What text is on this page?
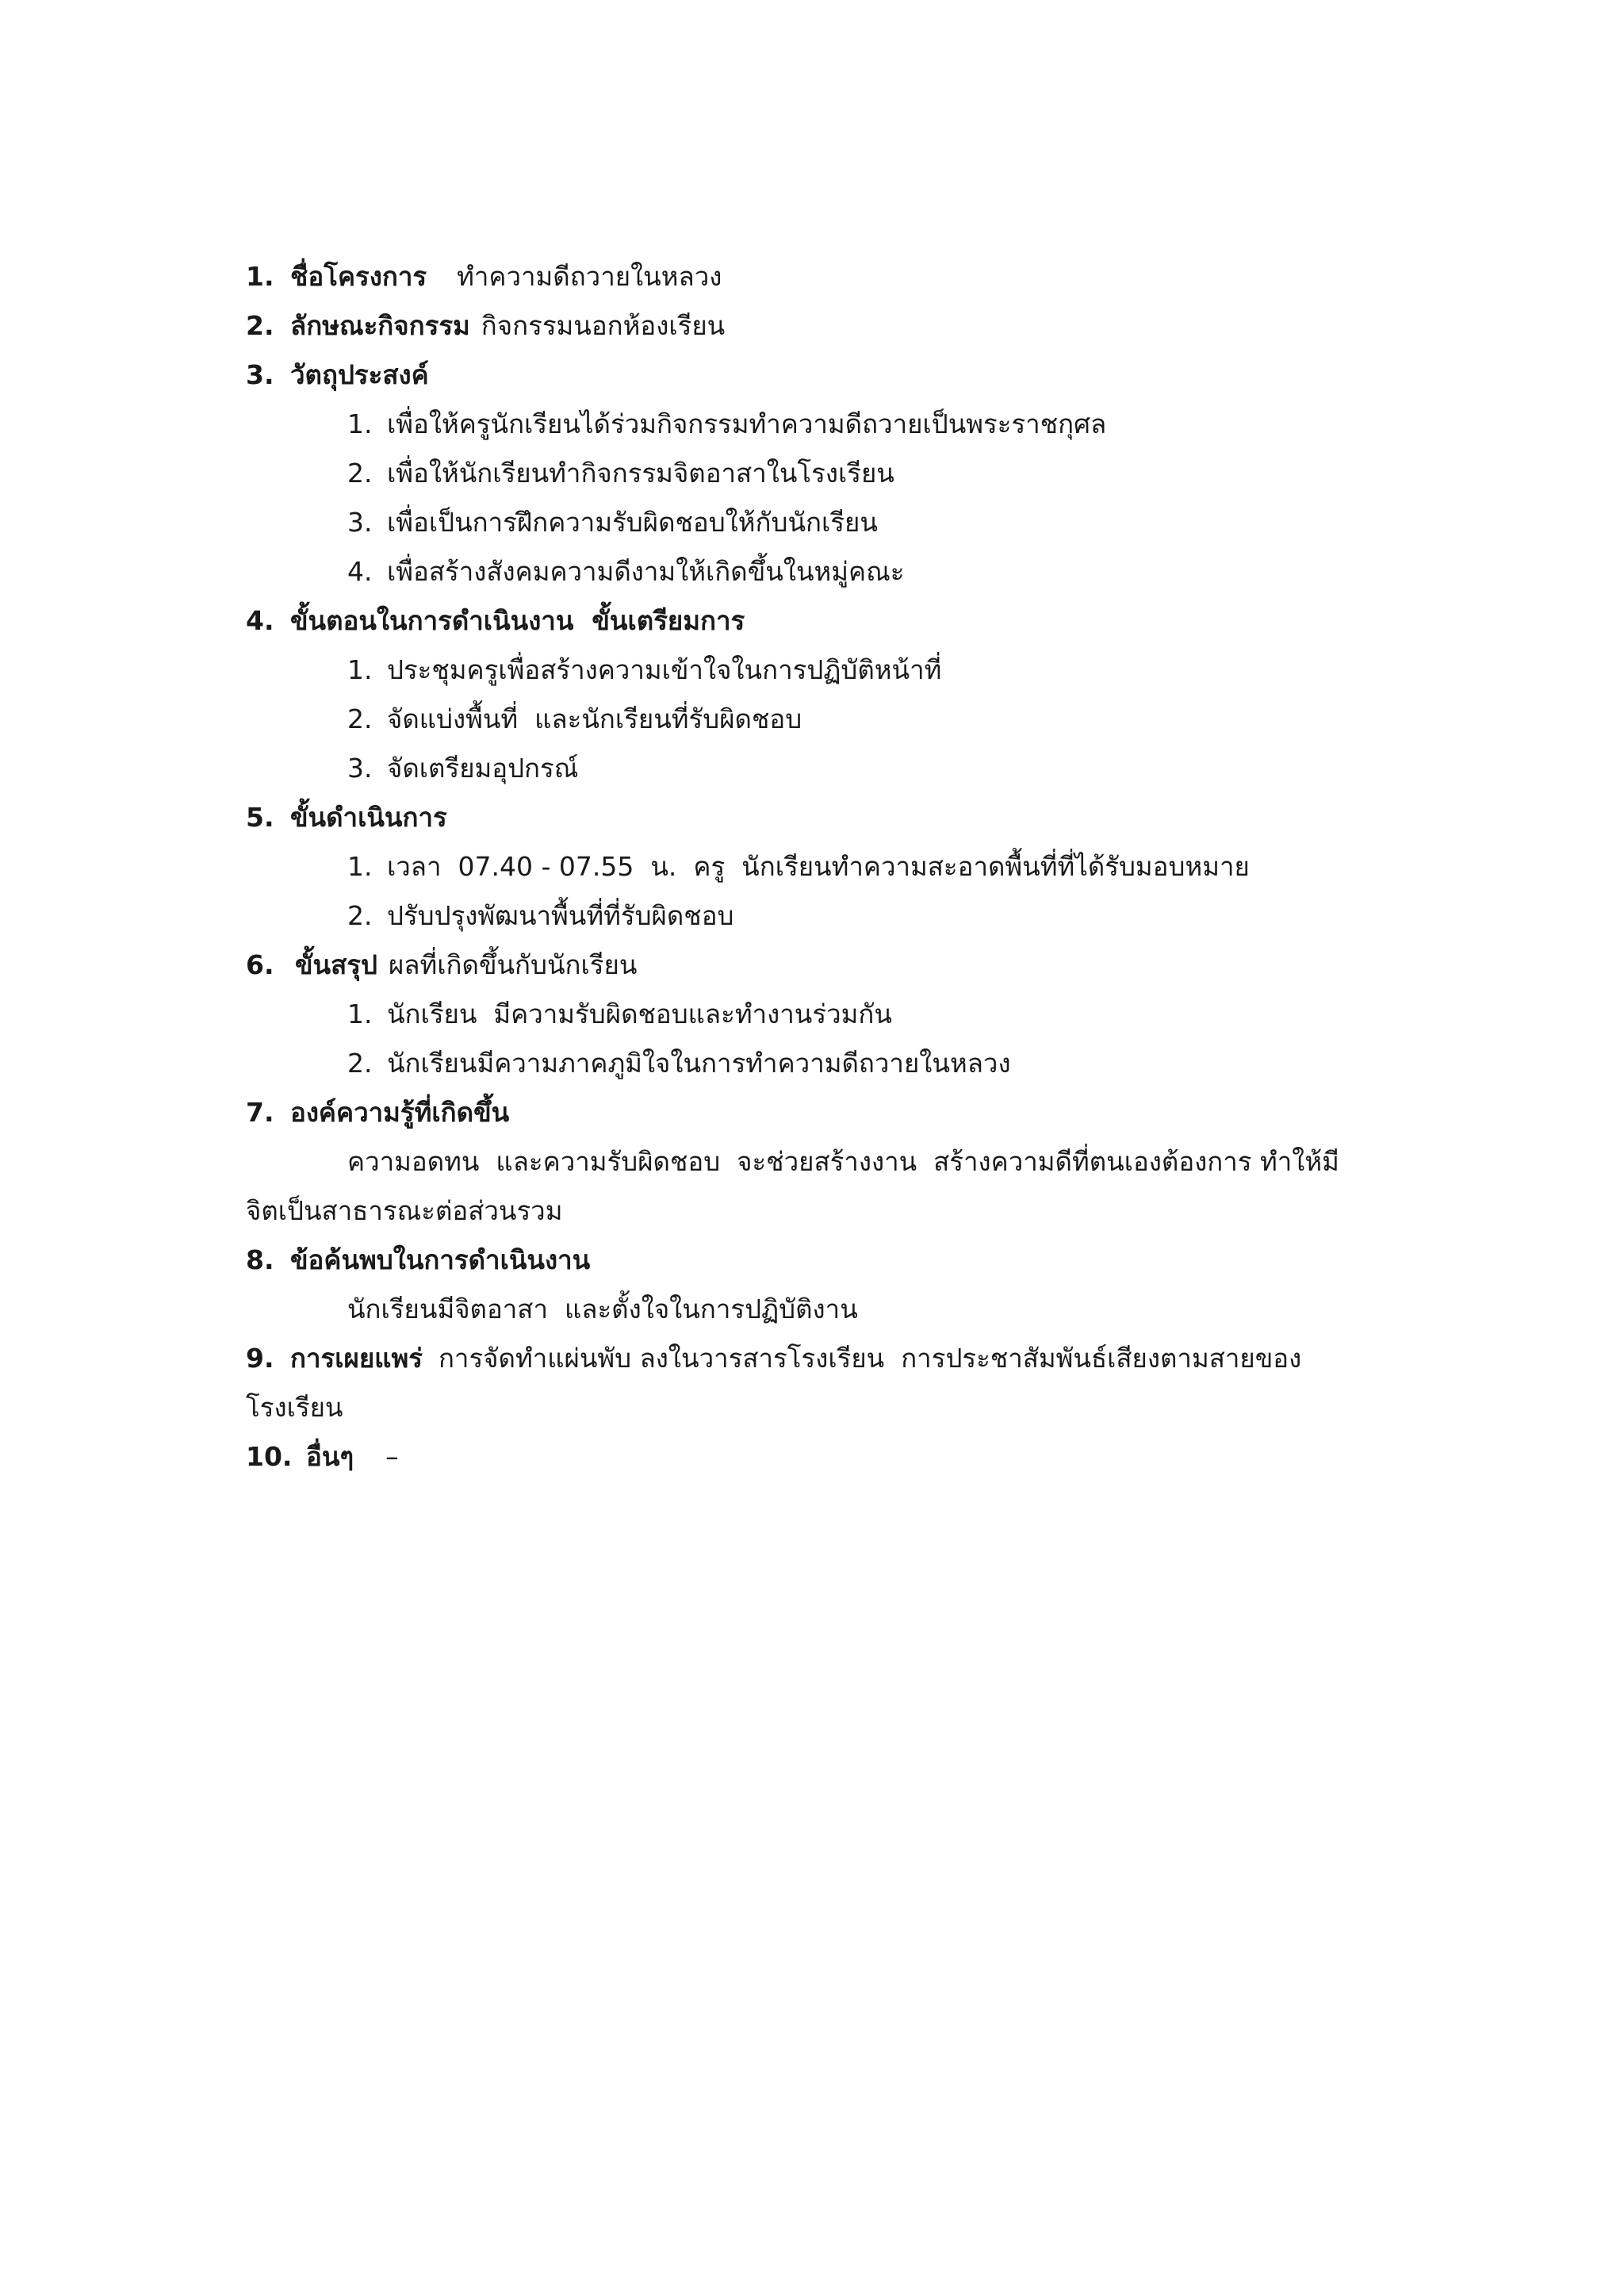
1. ชื่อโครงการ ทำความดีถวายในหลวง
2. ลักษณะกิจกรรม กิจกรรมนอกห้องเรียน
3. วัตถุประสงค์
1. เพื่อให้ครูนักเรียนได้ร่วมกิจกรรมทำความดีถวายเป็นพระราชกุศล
2. เพื่อให้นักเรียนทำกิจกรรมจิตอาสาในโรงเรียน
3. เพื่อเป็นการฝึกความรับผิดชอบให้กับนักเรียน
4. เพื่อสร้างสังคมความดีงามให้เกิดขึ้นในหมู่คณะ
4. ขั้นตอนในการดำเนินงาน  ขั้นเตรียมการ
1. ประชุมครูเพื่อสร้างความเข้าใจในการปฏิบัติหน้าที่
2. จัดแบ่งพื้นที่  และนักเรียนที่รับผิดชอบ
3. จัดเตรียมอุปกรณ์
5. ขั้นดำเนินการ
1. เวลา  07.40 - 07.55  น.  ครู  นักเรียนทำความสะอาดพื้นที่ที่ได้รับมอบหมาย
2. ปรับปรุงพัฒนาพื้นที่ที่รับผิดชอบ
6. ขั้นสรุป ผลที่เกิดขึ้นกับนักเรียน
1. นักเรียน  มีความรับผิดชอบและทำงานร่วมกัน
2. นักเรียนมีความภาคภูมิใจในการทำความดีถวายในหลวง
7. องค์ความรู้ที่เกิดขึ้น
ความอดทน  และความรับผิดชอบ  จะช่วยสร้างงาน  สร้างความดีที่ตนเองต้องการ ทำให้มี
จิตเป็นสาธารณะต่อส่วนรวม
8. ข้อค้นพบในการดำเนินงาน
นักเรียนมีจิตอาสา  และตั้งใจในการปฏิบัติงาน
9. การเผยแพร่ การจัดทำแผ่นพับ ลงในวารสารโรงเรียน  การประชาสัมพันธ์เสียงตามสายของ
โรงเรียน
10. อื่นๆ –
